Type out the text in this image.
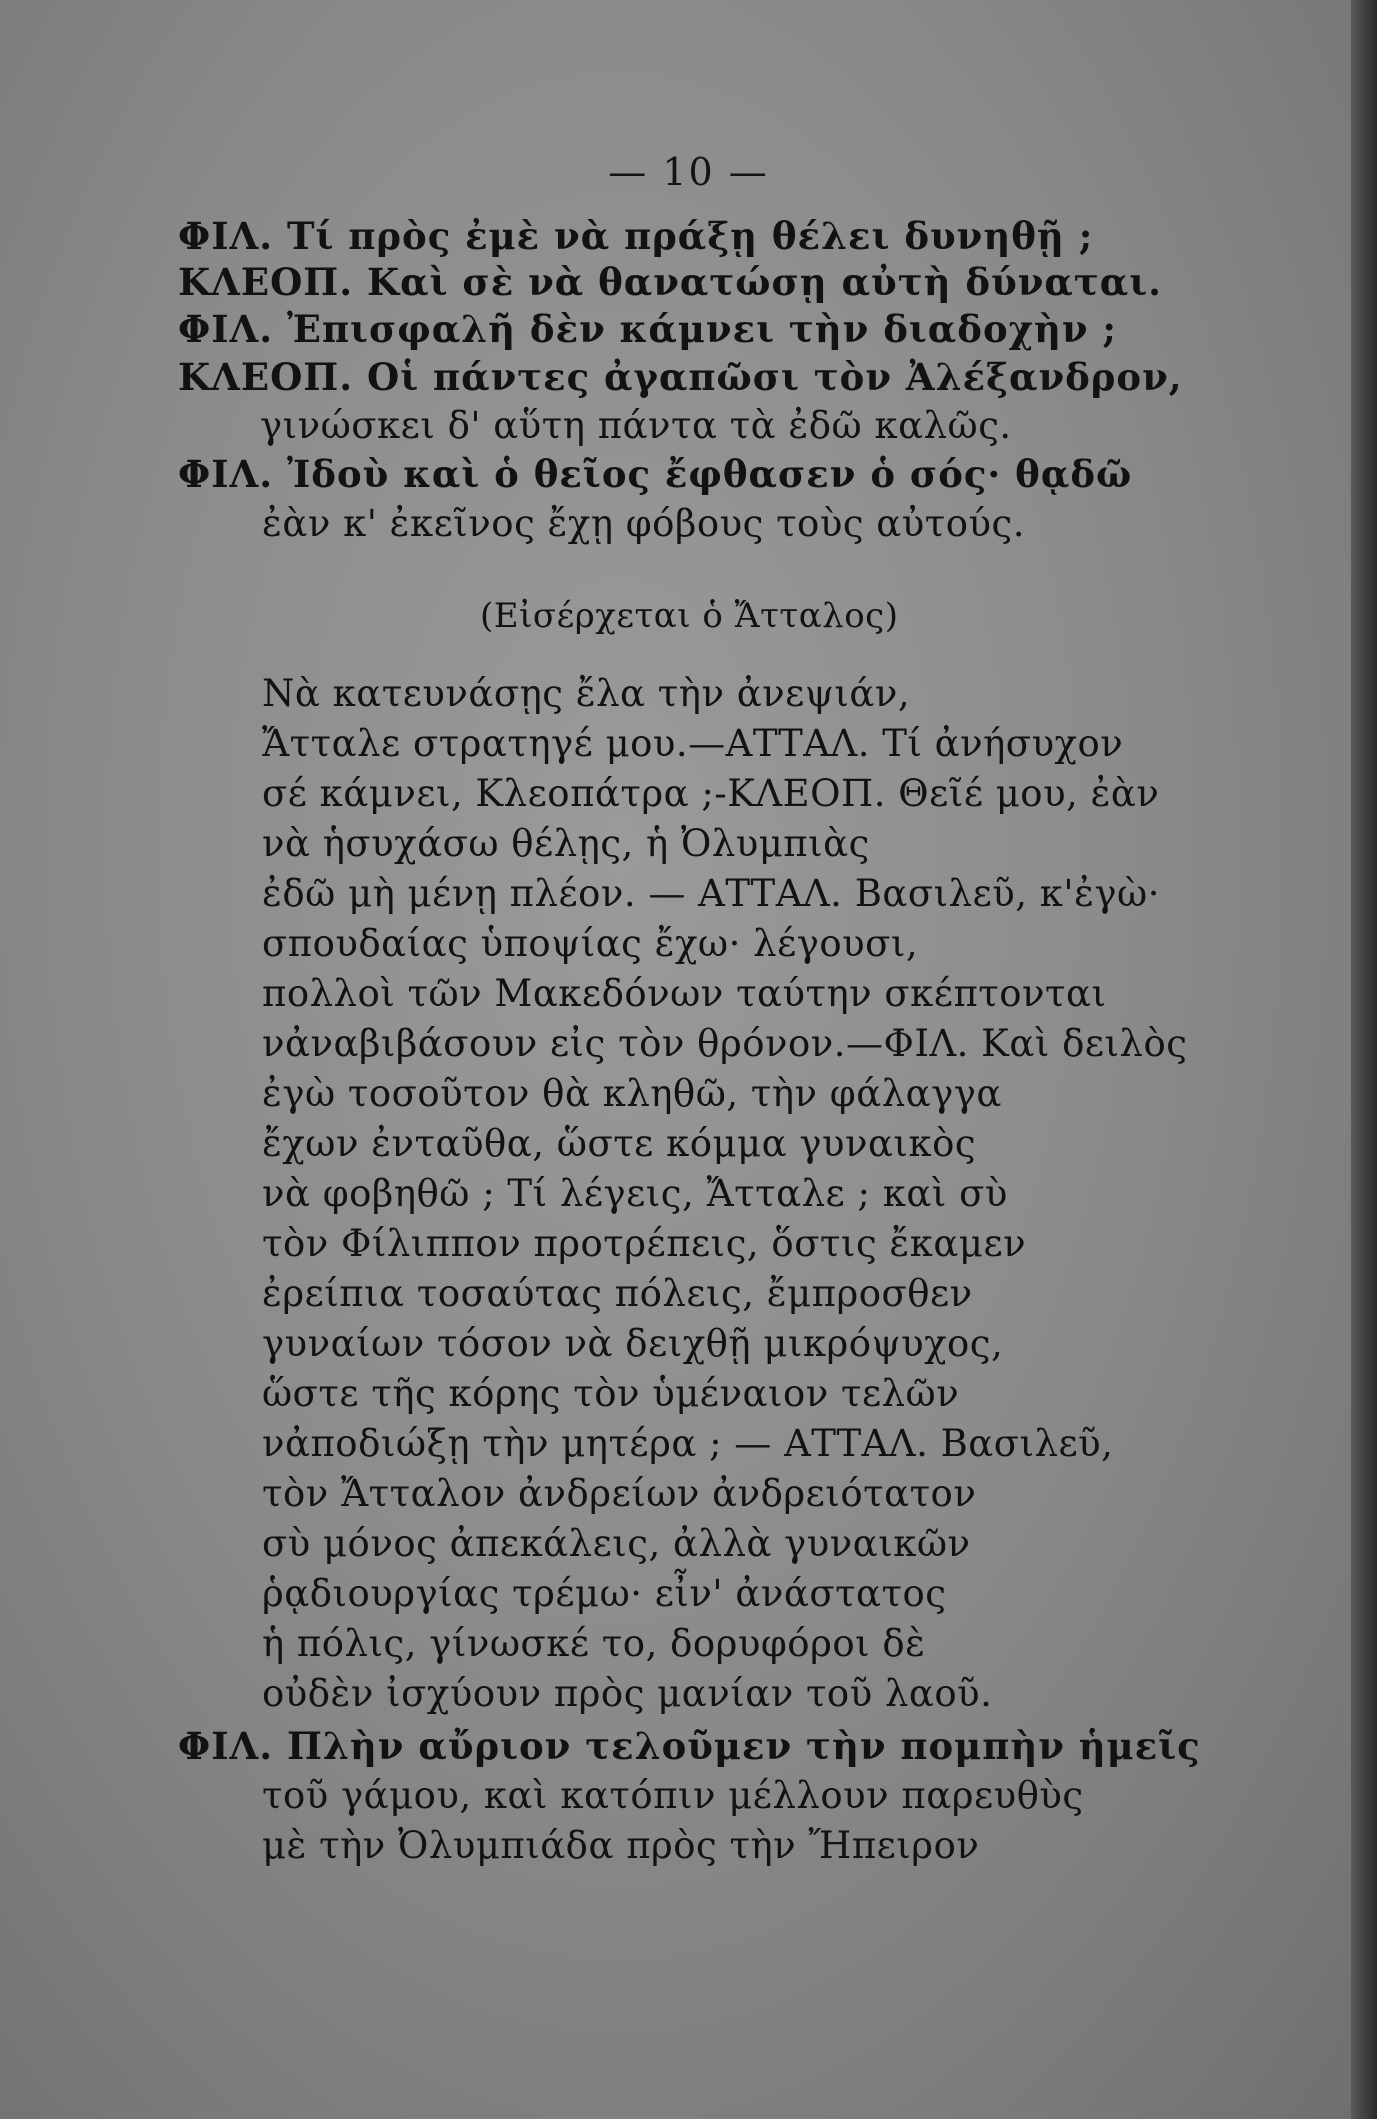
— 10 —
ΦΙΛ. Τί πρὸς ἐμὲ νὰ πράξῃ θέλει δυνηθῇ ;
ΚΛΕΟΠ. Καὶ σὲ νὰ θανατώσῃ αὐτὴ δύναται.
ΦΙΛ. Ἐπισφαλῆ δὲν κάμνει τὴν διαδοχὴν ;
ΚΛΕΟΠ. Οἱ πάντες ἀγαπῶσι τὸν Ἀλέξανδρον,
γινώσκει δ' αὕτη πάντα τὰ ἐδῶ καλῶς.
ΦΙΛ. Ἰδοὺ καὶ ὁ θεῖος ἔφθασεν ὁ σός· θᾳδῶ
ἐὰν κ' ἐκεῖνος ἔχῃ φόβους τοὺς αὐτούς.
(Εἰσέρχεται ὁ Ἄτταλος)
Νὰ κατευνάσῃς ἔλα τὴν ἀνεψιάν,
Ἄτταλε στρατηγέ μου.—ΑΤΤΑΛ. Τί ἀνήσυχον
σέ κάμνει, Κλεοπάτρα ;-ΚΛΕΟΠ. Θεῖέ μου, ἐὰν
νὰ ἡσυχάσω θέλῃς, ἡ Ὀλυμπιὰς
ἐδῶ μὴ μένῃ πλέον. — ΑΤΤΑΛ. Βασιλεῦ, κ'ἐγὼ·
σπουδαίας ὑποψίας ἔχω· λέγουσι,
πολλοὶ τῶν Μακεδόνων ταύτην σκέπτονται
νἀναβιβάσουν εἰς τὸν θρόνον.—ΦΙΛ. Καὶ δειλὸς
ἐγὼ τοσοῦτον θὰ κληθῶ, τὴν φάλαγγα
ἔχων ἐνταῦθα, ὥστε κόμμα γυναικὸς
νὰ φοβηθῶ ; Τί λέγεις, Ἄτταλε ; καὶ σὺ
τὸν Φίλιππον προτρέπεις, ὅστις ἔκαμεν
ἐρείπια τοσαύτας πόλεις, ἔμπροσθεν
γυναίων τόσον νὰ δειχθῇ μικρόψυχος,
ὥστε τῆς κόρης τὸν ὑμέναιον τελῶν
νἀποδιώξῃ τὴν μητέρα ; — ΑΤΤΑΛ. Βασιλεῦ,
τὸν Ἄτταλον ἀνδρείων ἀνδρειότατον
σὺ μόνος ἀπεκάλεις, ἀλλὰ γυναικῶν
ῥᾳδιουργίας τρέμω· εἶν' ἀνάστατος
ἡ πόλις, γίνωσκέ το, δορυφόροι δὲ
οὐδὲν ἰσχύουν πρὸς μανίαν τοῦ λαοῦ.
ΦΙΛ. Πλὴν αὔριον τελοῦμεν τὴν πομπὴν ἡμεῖς
τοῦ γάμου, καὶ κατόπιν μέλλουν παρευθὺς
μὲ τὴν Ὀλυμπιάδα πρὸς τὴν Ἤπειρον
